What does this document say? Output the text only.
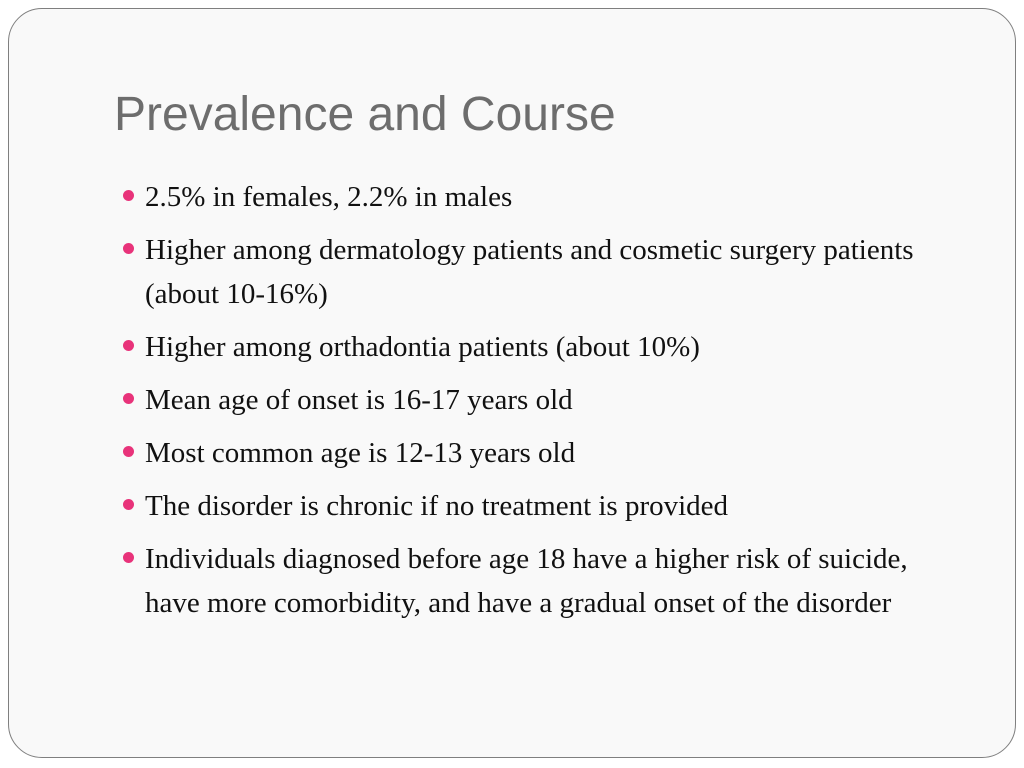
Prevalence and Course
2.5% in females, 2.2% in males
Higher among dermatology patients and cosmetic surgery patients (about 10-16%)
Higher among orthadontia patients (about 10%)
Mean age of onset is 16-17 years old
Most common age is 12-13 years old
The disorder is chronic if no treatment is provided
Individuals diagnosed before age 18 have a higher risk of suicide, have more comorbidity, and have a gradual onset of the disorder
